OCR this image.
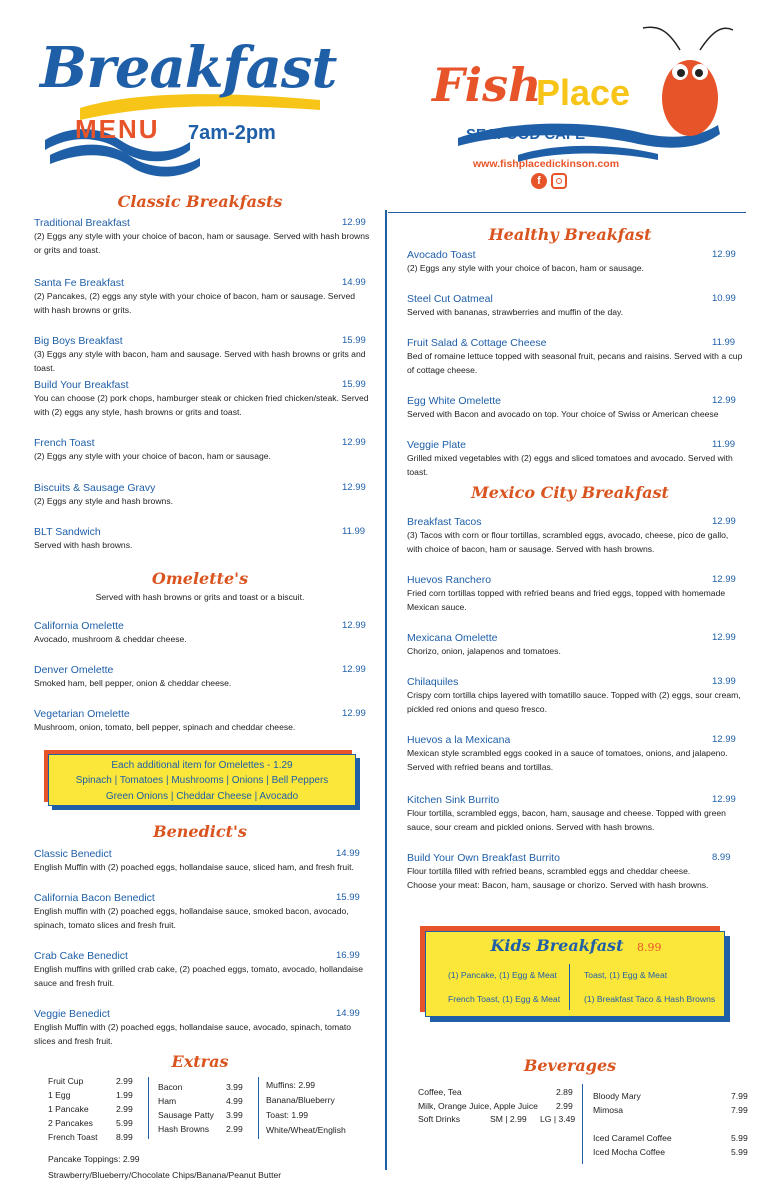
Breakfast
MENU 7am-2pm
Fish
Place
SEAFOOD CAFE
www.fishplacedickinson.com
f
Classic Breakfasts
Traditional Breakfast	12.99
(2) Eggs any style with your choice of bacon, ham or sausage. Served with hash browns or grits and toast.
Santa Fe Breakfast	14.99
(2) Pancakes, (2) eggs any style with your choice of bacon, ham or sausage. Served with hash browns or grits.
Big Boys Breakfast	15.99
(3) Eggs any style with bacon, ham and sausage. Served with hash browns or grits and toast.
Build Your Breakfast	15.99
You can choose (2) pork chops, hamburger steak or chicken fried chicken/steak. Served with (2) eggs any style, hash browns or grits and toast.
French Toast	12.99
(2) Eggs any style with your choice of bacon, ham or sausage.
Biscuits & Sausage Gravy	12.99
(2) Eggs any style and hash browns.
BLT Sandwich	11.99
Served with hash browns.
Omelette's
Served with hash browns or grits and toast or a biscuit.
California Omelette	12.99
Avocado, mushroom & cheddar cheese.
Denver Omelette	12.99
Smoked ham, bell pepper, onion & cheddar cheese.
Vegetarian Omelette	12.99
Mushroom, onion, tomato, bell pepper, spinach and cheddar cheese.
Each additional item for Omelettes - 1.29
Spinach | Tomatoes | Mushrooms | Onions | Bell Peppers
Green Onions | Cheddar Cheese | Avocado
Benedict's
Classic Benedict	14.99
English Muffin with (2) poached eggs, hollandaise sauce, sliced ham, and fresh fruit.
California Bacon Benedict	15.99
English muffin with (2) poached eggs, hollandaise sauce, smoked bacon, avocado, spinach, tomato slices and fresh fruit.
Crab Cake Benedict	16.99
English muffins with grilled crab cake, (2) poached eggs, tomato, avocado, hollandaise sauce and fresh fruit.
Veggie Benedict	14.99
English Muffin with (2) poached eggs, hollandaise sauce, avocado, spinach, tomato slices and fresh fruit.
Extras
Fruit Cup	2.99
1 Egg	1.99
1 Pancake	2.99
2 Pancakes	5.99
French Toast 8.99
Bacon	3.99
Ham	4.99
Sausage Patty 3.99
Hash Browns 2.99
Muffins: 2.99
Banana/Blueberry
Toast: 1.99
White/Wheat/English
Pancake Toppings: 2.99
Strawberry/Blueberry/Chocolate Chips/Banana/Peanut Butter
Healthy Breakfast
Avocado Toast	12.99
(2) Eggs any style with your choice of bacon, ham or sausage.
Steel Cut Oatmeal	10.99
Served with bananas, strawberries and muffin of the day.
Fruit Salad & Cottage Cheese	11.99
Bed of romaine lettuce topped with seasonal fruit, pecans and raisins. Served with a cup of cottage cheese.
Egg White Omelette	12.99
Served with Bacon and avocado on top. Your choice of Swiss or American cheese
Veggie Plate	11.99
Grilled mixed vegetables with (2) eggs and sliced tomatoes and avocado. Served with toast.
Mexico City Breakfast
Breakfast Tacos	12.99
(3) Tacos with corn or flour tortillas, scrambled eggs, avocado, cheese, pico de gallo, with choice of bacon, ham or sausage. Served with hash browns.
Huevos Ranchero	12.99
Fried corn tortillas topped with refried beans and fried eggs, topped with homemade Mexican sauce.
Mexicana Omelette	12.99
Chorizo, onion, jalapenos and tomatoes.
Chilaquiles	13.99
Crispy corn tortilla chips layered with tomatillo sauce. Topped with (2) eggs, sour cream, pickled red onions and queso fresco.
Huevos a la Mexicana	12.99
Mexican style scrambled eggs cooked in a sauce of tomatoes, onions, and jalapeno. Served with refried beans and tortillas.
Kitchen Sink Burrito	12.99
Flour tortilla, scrambled eggs, bacon, ham, sausage and cheese. Topped with green sauce, sour cream and pickled onions. Served with hash browns.
Build Your Own Breakfast Burrito	8.99
Flour tortilla filled with refried beans, scrambled eggs and cheddar cheese.
Choose your meat: Bacon, ham, sausage or chorizo. Served with hash browns.
Kids Breakfast 8.99
(1) Pancake, (1) Egg & Meat
French Toast, (1) Egg & Meat
Toast, (1) Egg & Meat
(1) Breakfast Taco & Hash Browns
Beverages
Coffee, Tea	2.89
Milk, Orange Juice, Apple Juice 2.99
Soft Drinks	SM | 2.99 LG | 3.49
Bloody Mary	7.99
Mimosa	7.99
Iced Caramel Coffee	5.99
Iced Mocha Coffee	5.99
